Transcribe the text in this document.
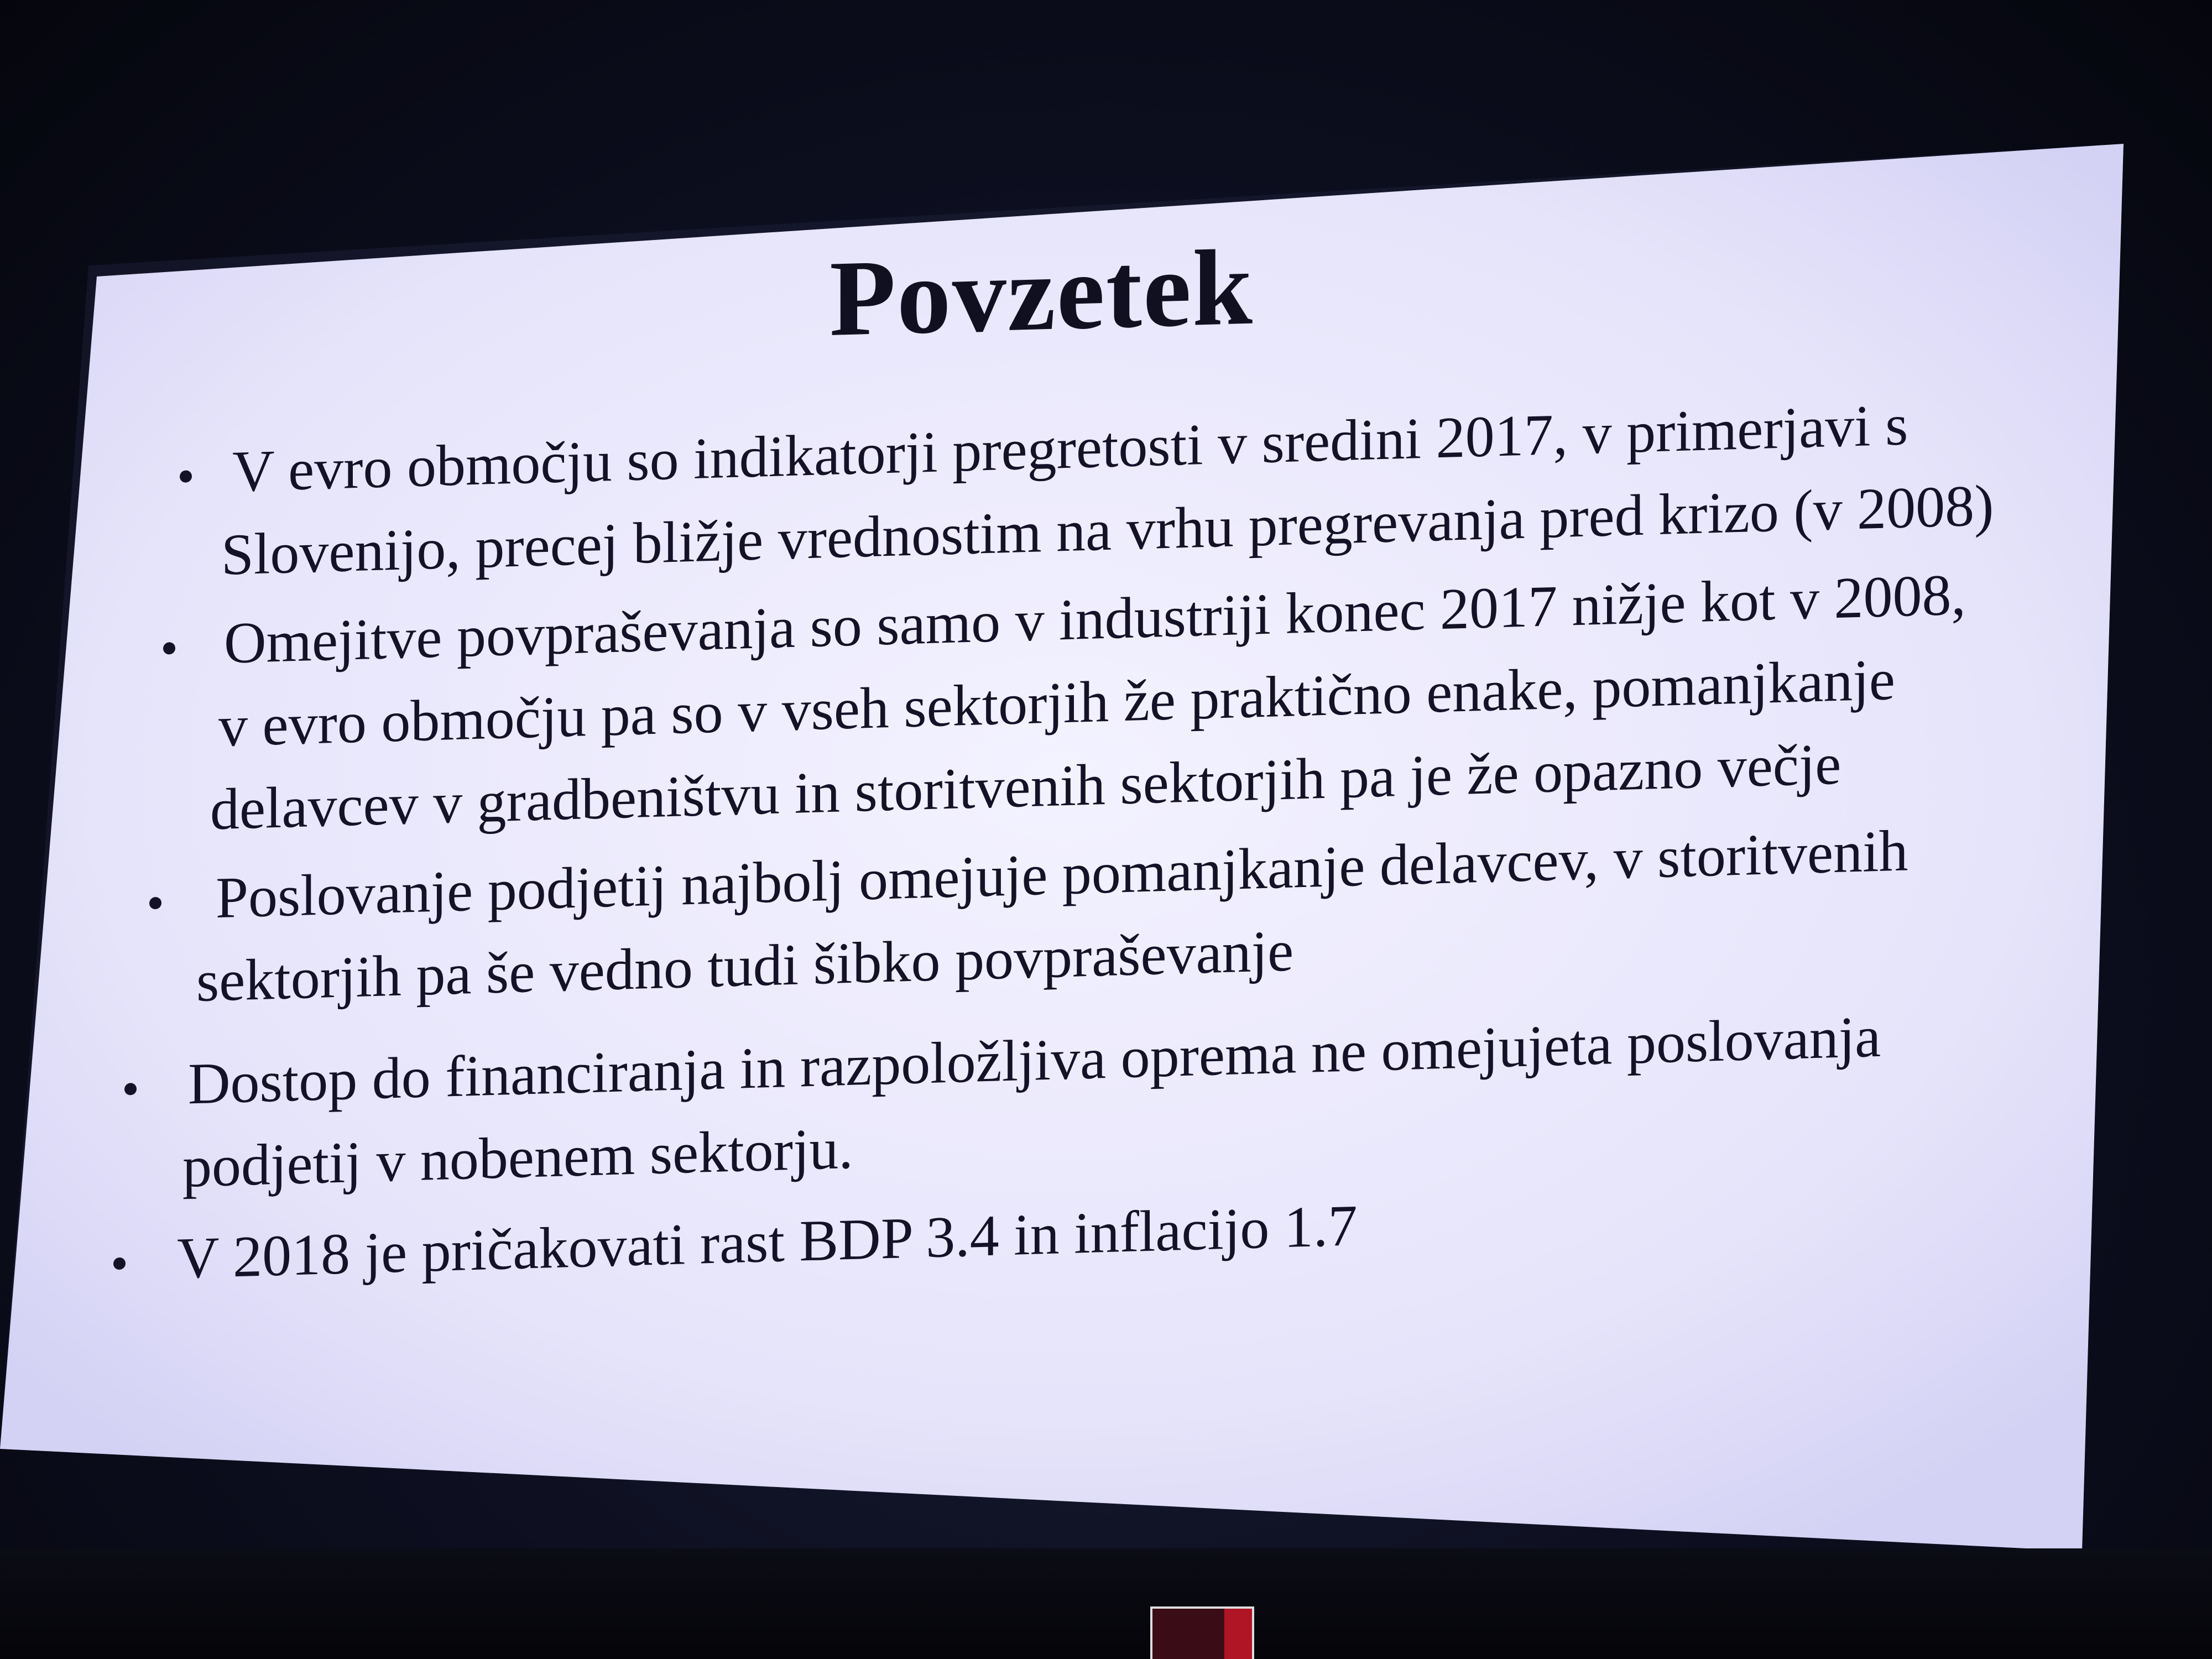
Povzetek
V evro območju so indikatorji pregretosti v sredini 2017, v primerjavi s
Slovenijo, precej bližje vrednostim na vrhu pregrevanja pred krizo (v 2008)
Omejitve povpraševanja so samo v industriji konec 2017 nižje kot v 2008,
v evro območju pa so v vseh sektorjih že praktično enake, pomanjkanje
delavcev v gradbeništvu in storitvenih sektorjih pa je že opazno večje
Poslovanje podjetij najbolj omejuje pomanjkanje delavcev, v storitvenih
sektorjih pa še vedno tudi šibko povpraševanje
Dostop do financiranja in razpoložljiva oprema ne omejujeta poslovanja
podjetij v nobenem sektorju.
V 2018 je pričakovati rast BDP 3.4 in inflacijo 1.7
